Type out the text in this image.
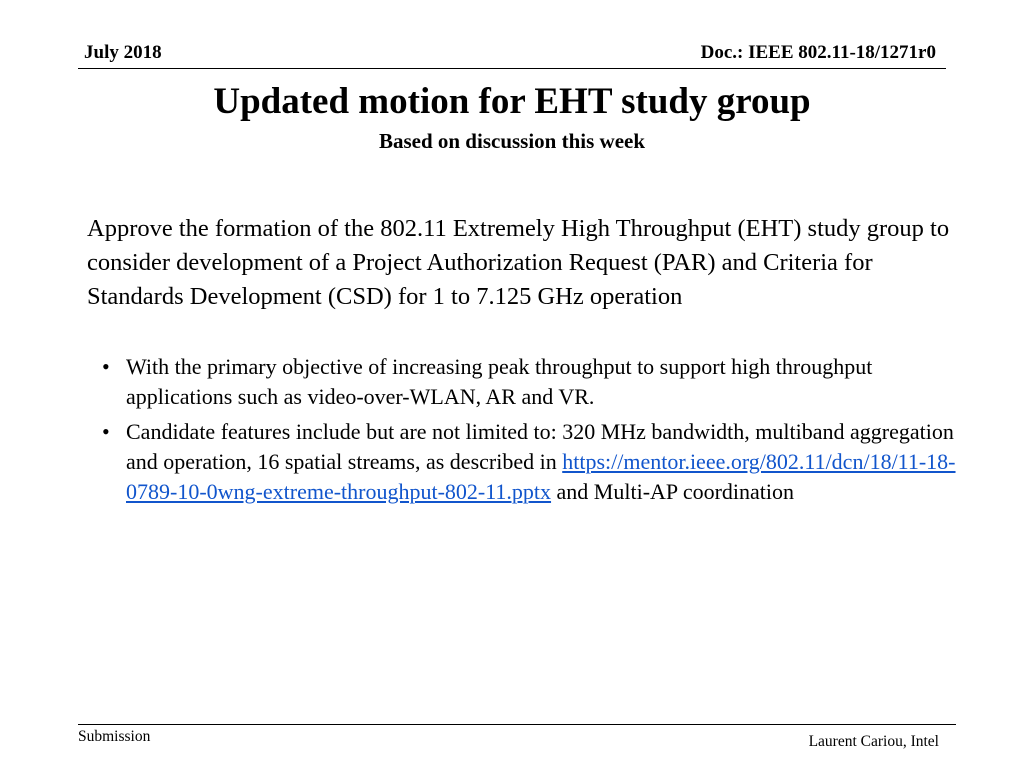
July 2018	Doc.: IEEE 802.11-18/1271r0
Updated motion for EHT study group
Based on discussion this week

Approve the formation of the 802.11 Extremely High Throughput (EHT) study group to consider development of a Project Authorization Request (PAR) and Criteria for Standards Development (CSD) for 1 to 7.125 GHz operation

• With the primary objective of increasing peak throughput to support high throughput applications such as video-over-WLAN, AR and VR.
• Candidate features include but are not limited to: 320 MHz bandwidth, multiband aggregation and operation, 16 spatial streams, as described in https://mentor.ieee.org/802.11/dcn/18/11-18-0789-10-0wng-extreme-throughput-802-11.pptx and Multi-AP coordination
Submission	Laurent Cariou, Intel
